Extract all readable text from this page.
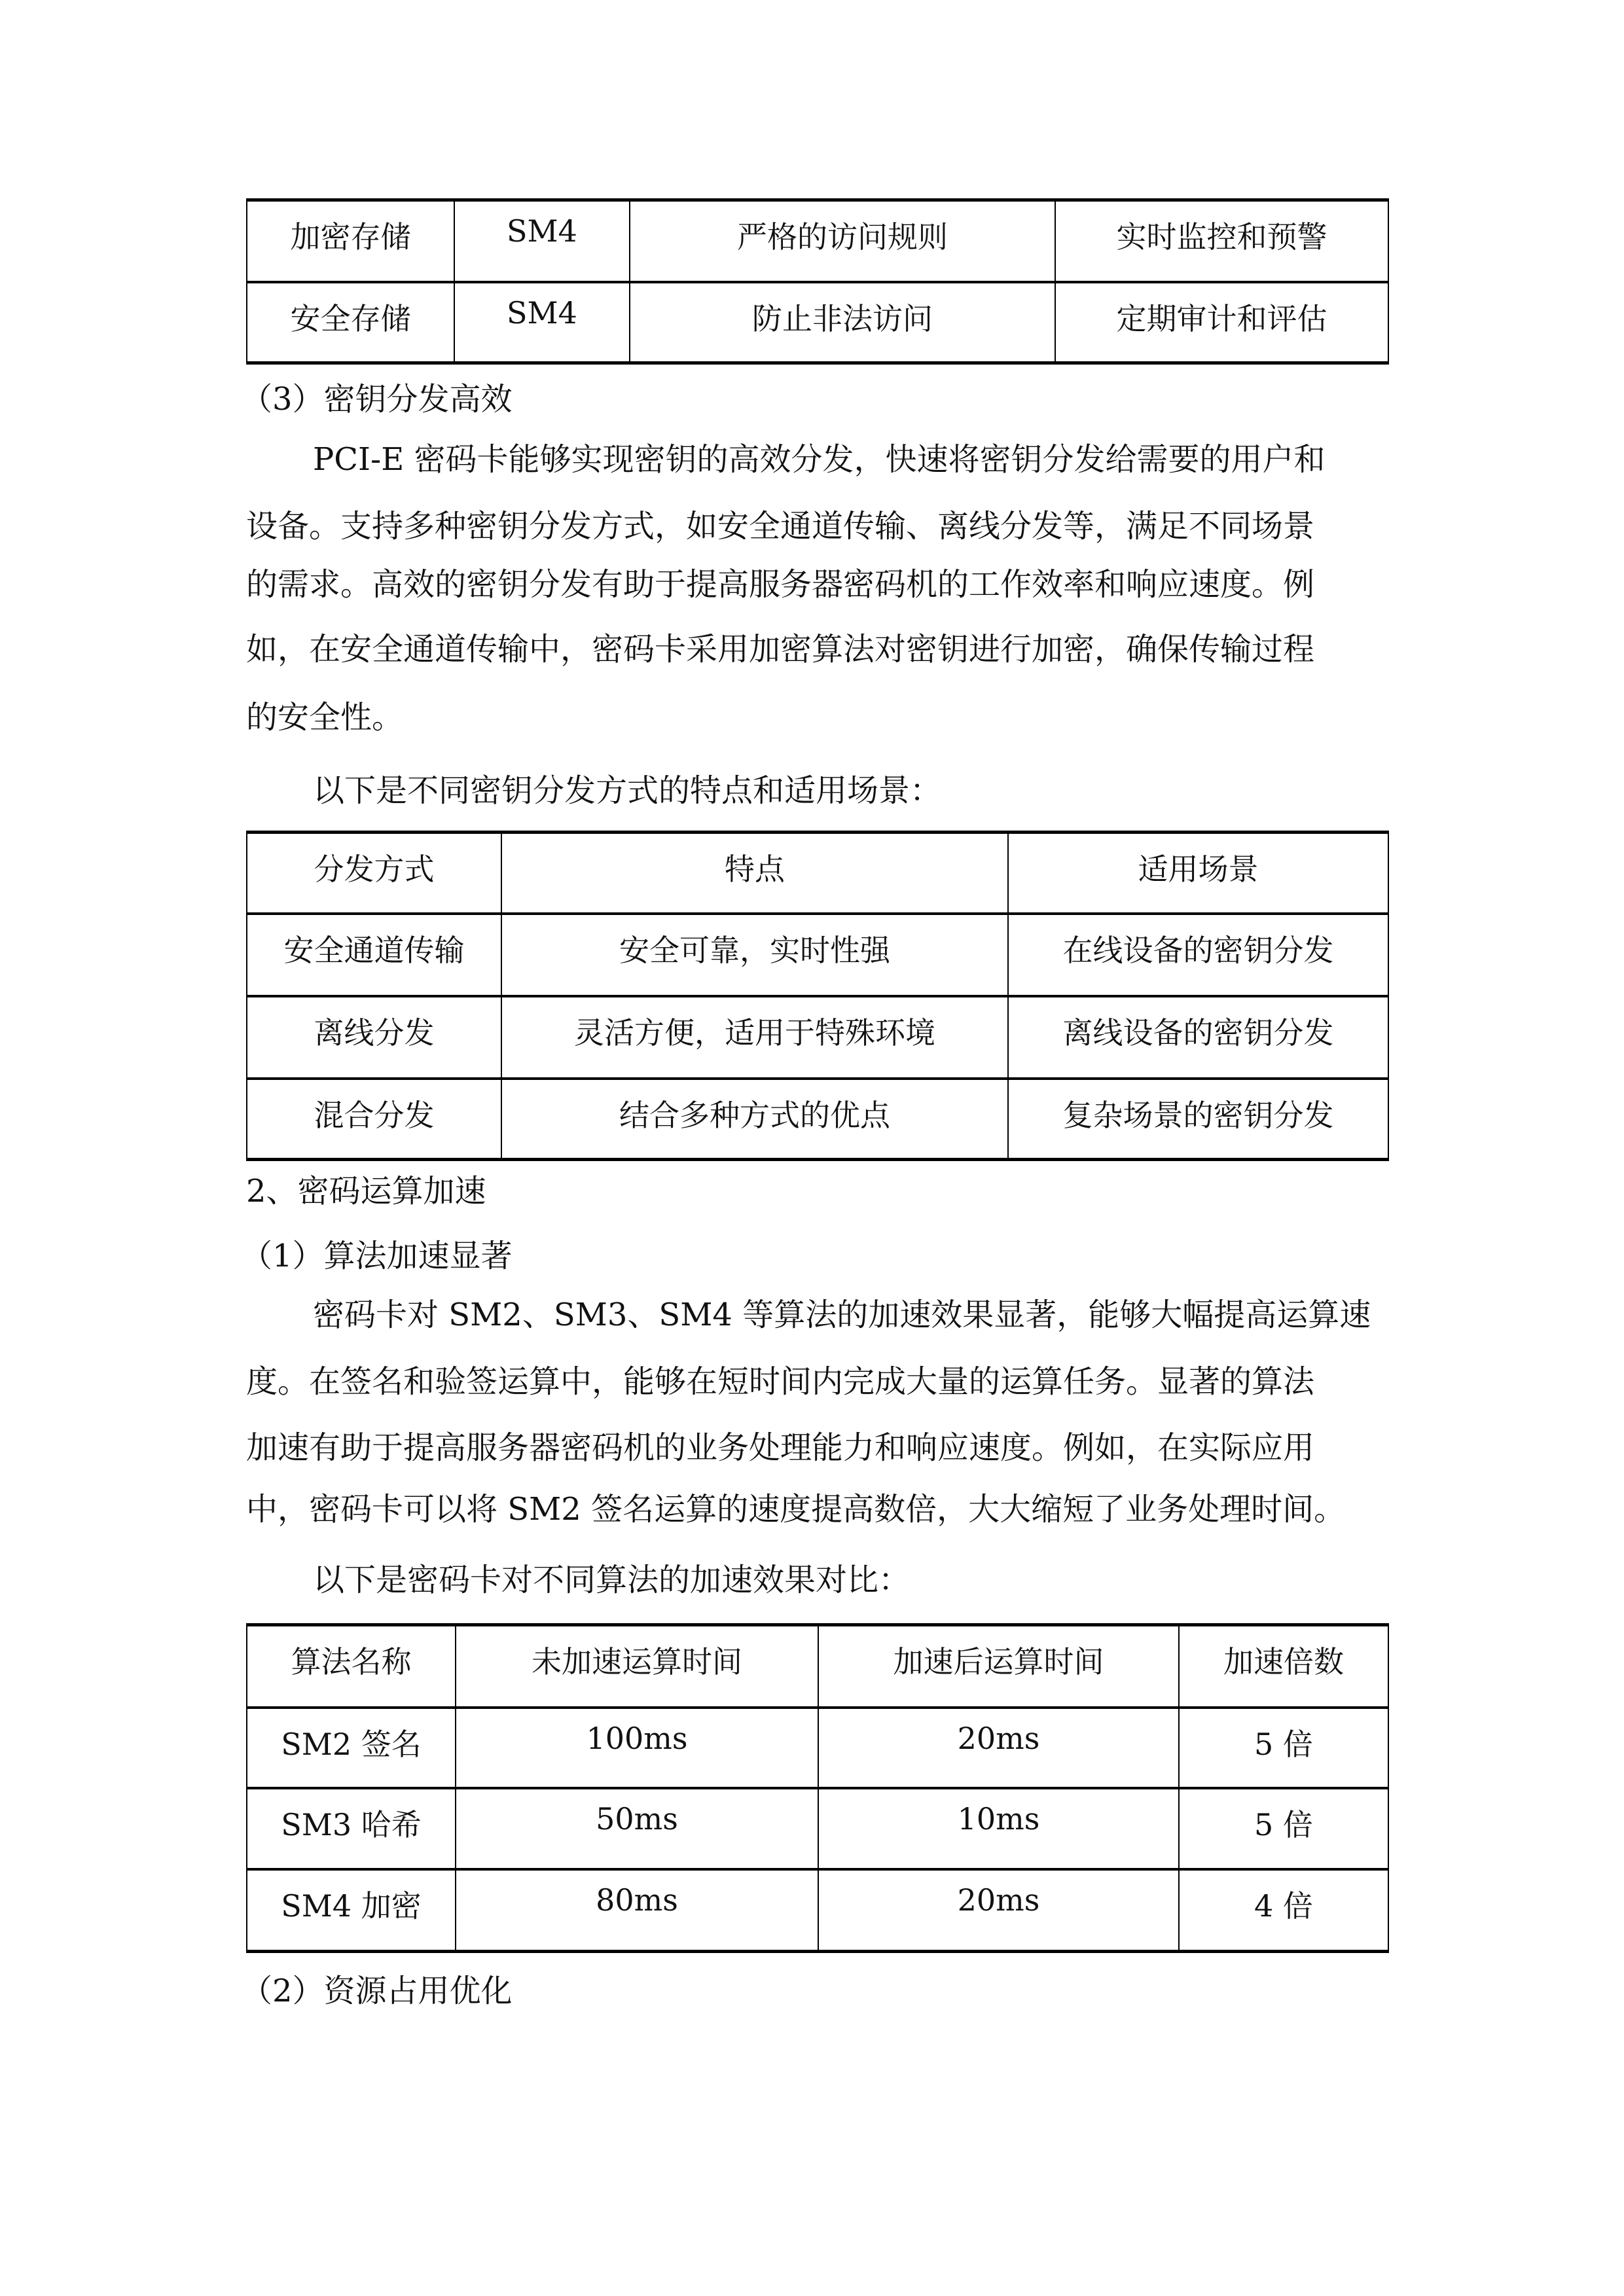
加密存储	SM4	严格的访问规则	实时监控和预警
安全存储	SM4	防止非法访问	定期审计和评估
（3）密钥分发高效
PCI-E 密码卡能够实现密钥的高效分发，快速将密钥分发给需要的用户和
设备。支持多种密钥分发方式，如安全通道传输、离线分发等，满足不同场景
的需求。高效的密钥分发有助于提高服务器密码机的工作效率和响应速度。例
如，在安全通道传输中，密码卡采用加密算法对密钥进行加密，确保传输过程
的安全性。
以下是不同密钥分发方式的特点和适用场景：
分发方式	特点	适用场景
安全通道传输	安全可靠，实时性强	在线设备的密钥分发
离线分发	灵活方便，适用于特殊环境	离线设备的密钥分发
混合分发	结合多种方式的优点	复杂场景的密钥分发
2、密码运算加速
（1）算法加速显著
密码卡对 SM2、SM3、SM4 等算法的加速效果显著，能够大幅提高运算速
度。在签名和验签运算中，能够在短时间内完成大量的运算任务。显著的算法
加速有助于提高服务器密码机的业务处理能力和响应速度。例如，在实际应用
中，密码卡可以将 SM2 签名运算的速度提高数倍，大大缩短了业务处理时间。
以下是密码卡对不同算法的加速效果对比：
算法名称	未加速运算时间	加速后运算时间	加速倍数
SM2 签名	100ms	20ms	5 倍
SM3 哈希	50ms	10ms	5 倍
SM4 加密	80ms	20ms	4 倍
（2）资源占用优化
